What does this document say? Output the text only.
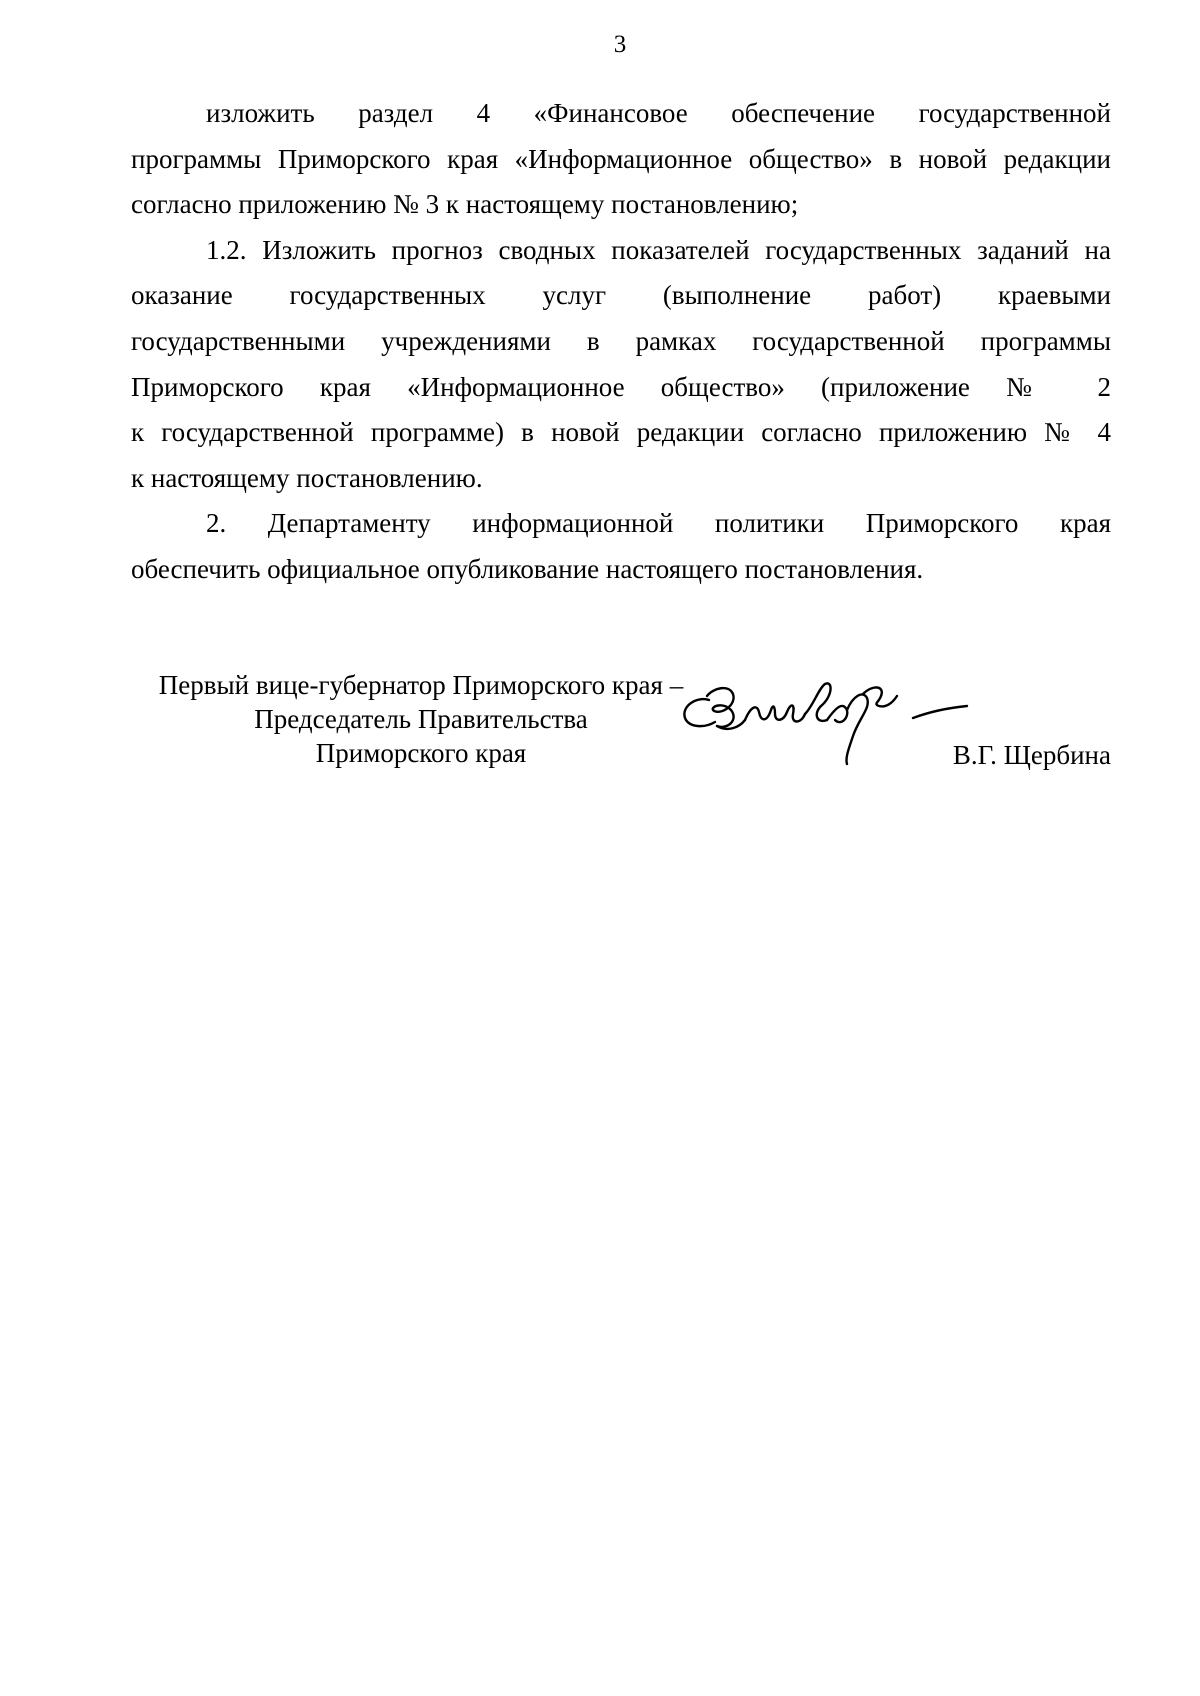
3
изложить раздел 4 «Финансовое обеспечение государственной
программы Приморского края «Информационное общество» в новой редакции
согласно приложению № 3 к настоящему постановлению;
1.2. Изложить прогноз сводных показателей государственных заданий на
оказание государственных услуг (выполнение работ) краевыми
государственными учреждениями в рамках государственной программы
Приморского края «Информационное общество» (приложение № 2
к государственной программе) в новой редакции согласно приложению № 4
к настоящему постановлению.
2. Департаменту информационной политики Приморского края
обеспечить официальное опубликование настоящего постановления.
Первый вице-губернатор Приморского края –
Председатель Правительства
Приморского края	В.Г. Щербина
